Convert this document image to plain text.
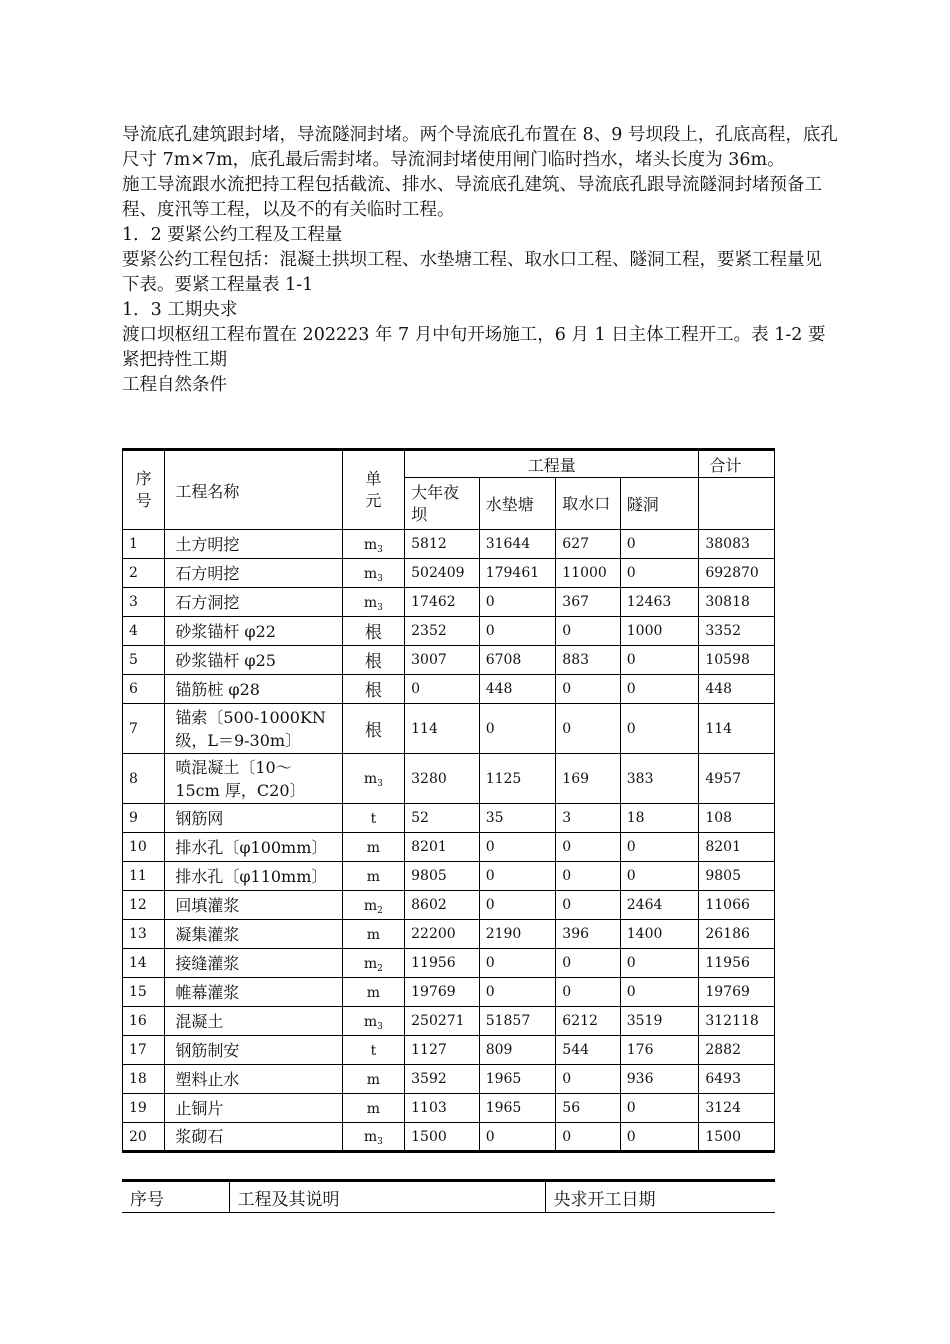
导流底孔建筑跟封堵，导流隧洞封堵。两个导流底孔布置在 8、9 号坝段上，孔底高程，底孔尺寸 7m×7m，底孔最后需封堵。导流洞封堵使用闸门临时挡水，堵头长度为 36m。

施工导流跟水流把持工程包括截流、排水、导流底孔建筑、导流底孔跟导流隧洞封堵预备工程、度汛等工程，以及不的有关临时工程。

1．2 要紧公约工程及工程量

要紧公约工程包括：混凝土拱坝工程、水垫塘工程、取水口工程、隧洞工程，要紧工程量见下表。要紧工程量表 1-1

1．3 工期央求

渡口坝枢纽工程布置在 202223 年 7 月中旬开场施工，6 月 1 日主体工程开工。表 1-2 要紧把持性工期

工程自然条件

序号	工程名称	单元	工程量				合计
			大年夜坝	水垫塘	取水口	隧洞	
1	土方明挖	$m_3$	5812	31644	627	0	38083
2	石方明挖	$m_3$	502409	179461	11000	0	692870
3	石方洞挖	$m_3$	17462	0	367	12463	30818
4	砂浆锚杆 φ22	根	2352	0	0	1000	3352
5	砂浆锚杆 φ25	根	3007	6708	883	0	10598
6	锚筋桩 φ28	根	0	448	0	0	448
7	锚索〔500-1000KN 级，L＝9-30m〕	根	114	0	0	0	114
8	喷混凝土〔10～15cm 厚，C20〕	$m_3$	3280	1125	169	383	4957
9	钢筋网	t	52	35	3	18	108
10	排水孔〔φ100mm〕	m	8201	0	0	0	8201
11	排水孔〔φ110mm〕	m	9805	0	0	0	9805
12	回填灌浆	$m_2$	8602	0	0	2464	11066
13	凝集灌浆	m	22200	2190	396	1400	26186
14	接缝灌浆	$m_2$	11956	0	0	0	11956
15	帷幕灌浆	m	19769	0	0	0	19769
16	混凝土	$m_3$	250271	51857	6212	3519	312118
17	钢筋制安	t	1127	809	544	176	2882
18	塑料止水	m	3592	1965	0	936	6493
19	止铜片	m	1103	1965	56	0	3124
20	浆砌石	$m_3$	1500	0	0	0	1500
序号	工程及其说明	央求开工日期
